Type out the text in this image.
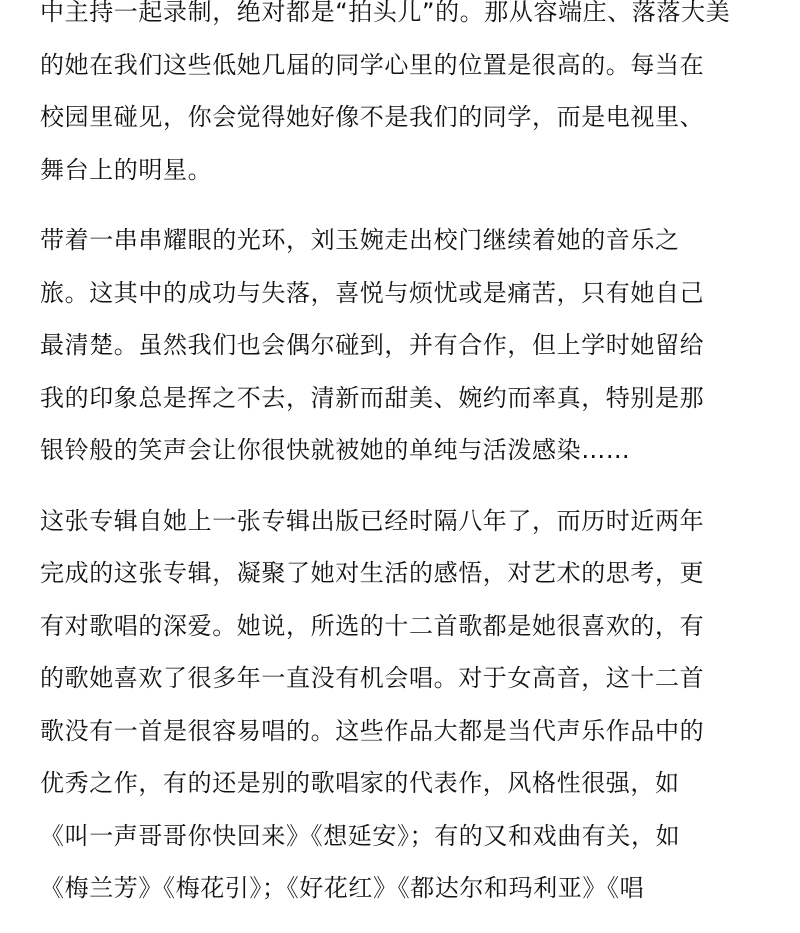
中主持一起录制，绝对都是“拍头儿”的。那从容端庄、落落大美
的她在我们这些低她几届的同学心里的位置是很高的。每当在
校园里碰见，你会觉得她好像不是我们的同学，而是电视里、
舞台上的明星。
带着一串串耀眼的光环，刘玉婉走出校门继续着她的音乐之
旅。这其中的成功与失落，喜悦与烦忧或是痛苦，只有她自己
最清楚。虽然我们也会偶尔碰到，并有合作，但上学时她留给
我的印象总是挥之不去，清新而甜美、婉约而率真，特别是那
银铃般的笑声会让你很快就被她的单纯与活泼感染……
这张专辑自她上一张专辑出版已经时隔八年了，而历时近两年
完成的这张专辑，凝聚了她对生活的感悟，对艺术的思考，更
有对歌唱的深爱。她说，所选的十二首歌都是她很喜欢的，有
的歌她喜欢了很多年一直没有机会唱。对于女高音，这十二首
歌没有一首是很容易唱的。这些作品大都是当代声乐作品中的
优秀之作，有的还是别的歌唱家的代表作，风格性很强，如
《叫一声哥哥你快回来》《想延安》；有的又和戏曲有关，如
《梅兰芳》《梅花引》；《好花红》《都达尔和玛利亚》《唱
